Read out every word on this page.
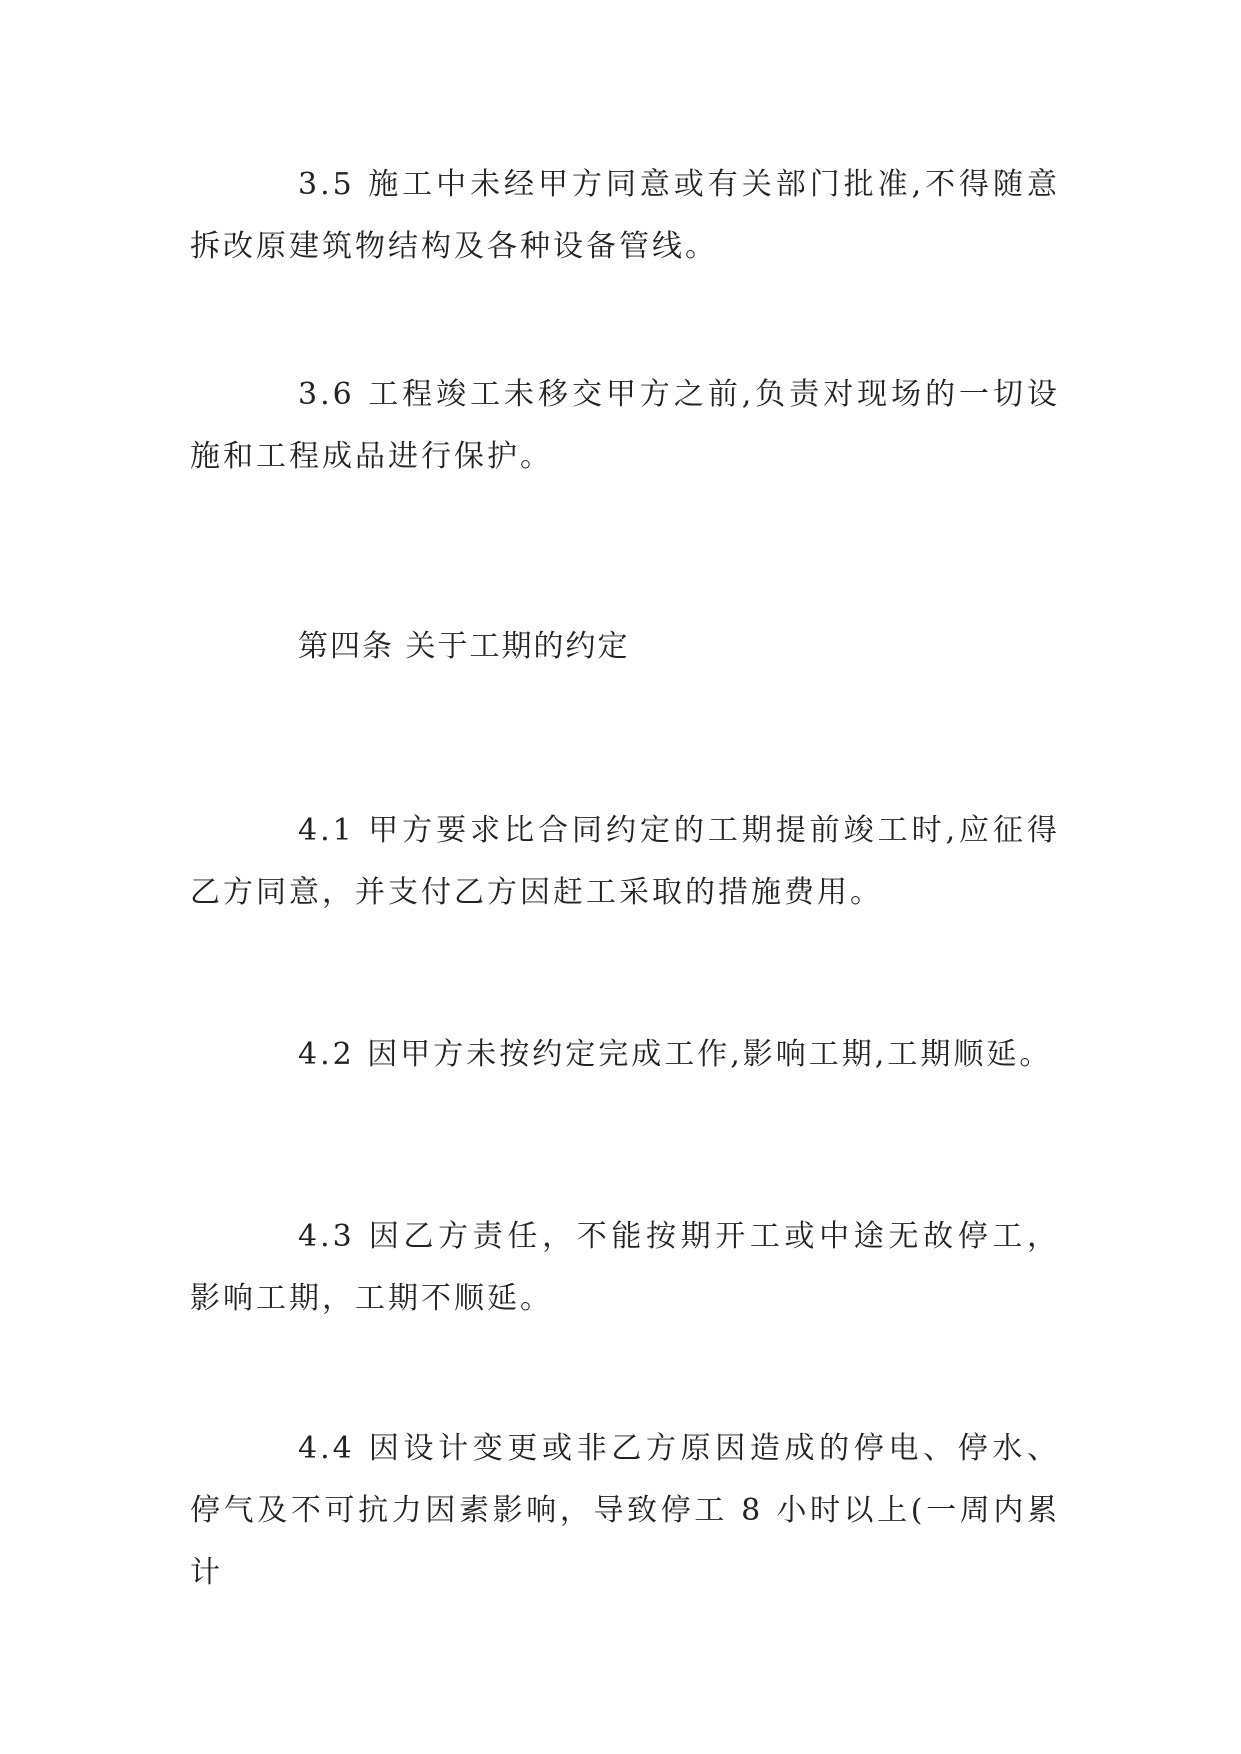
3.5 施工中未经甲方同意或有关部门批准,不得随意拆改原建筑物结构及各种设备管线。

3.6 工程竣工未移交甲方之前,负责对现场的一切设施和工程成品进行保护。

第四条 关于工期的约定

4.1 甲方要求比合同约定的工期提前竣工时,应征得乙方同意，并支付乙方因赶工采取的措施费用。

4.2 因甲方未按约定完成工作,影响工期,工期顺延。

4.3 因乙方责任，不能按期开工或中途无故停工，影响工期，工期不顺延。

4.4 因设计变更或非乙方原因造成的停电、停水、停气及不可抗力因素影响，导致停工 8 小时以上(一周内累计
